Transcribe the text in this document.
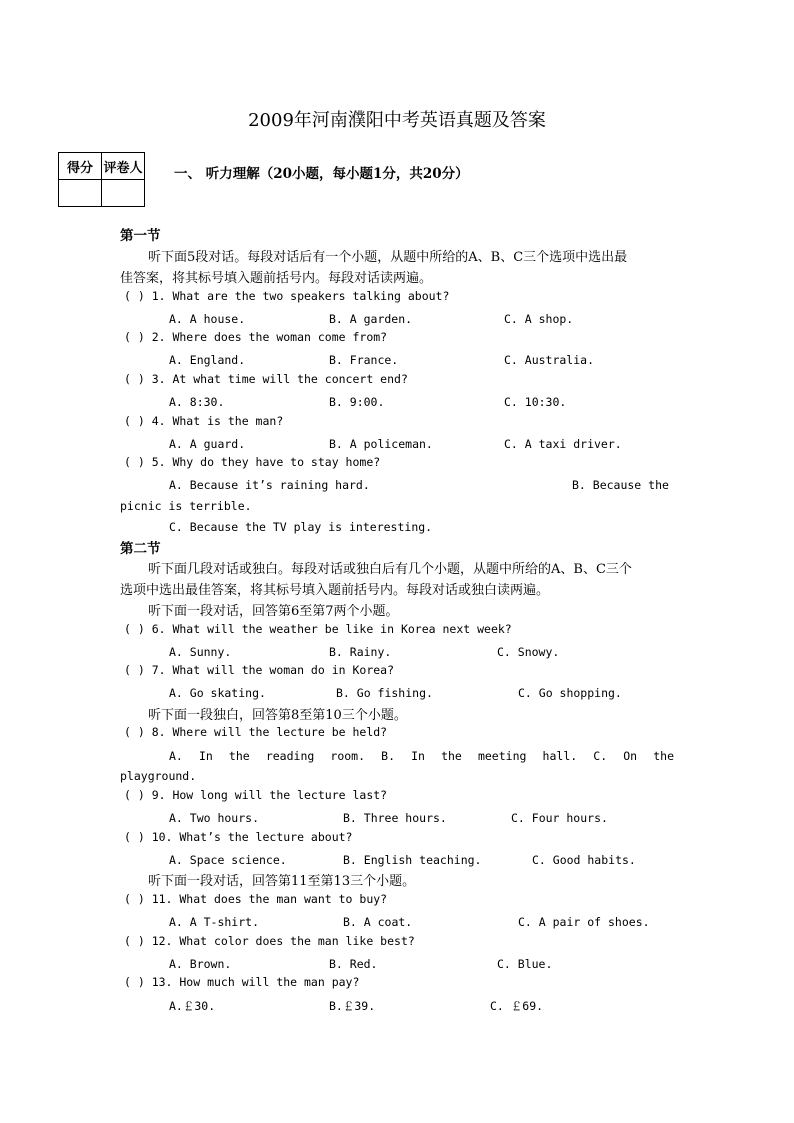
2009年河南濮阳中考英语真题及答案
得分	评卷人
	一、 听力理解（20小题，每小题1分，共20分）
第一节
听下面5段对话。每段对话后有一个小题，从题中所给的A、B、C三个选项中选出最
佳答案，将其标号填入题前括号内。每段对话读两遍。
( ) 1. What are the two speakers talking about?
A. A house.	B. A garden.	C. A shop.
( ) 2. Where does the woman come from?
A. England.	B. France.	C. Australia.
( ) 3. At what time will the concert end?
A. 8:30.	B. 9:00.	C. 10:30.
( ) 4. What is the man?
A. A guard.	B. A policeman.	C. A taxi driver.
( ) 5. Why do they have to stay home?
A. Because it’s raining hard.	B. Because the
picnic is terrible.
C. Because the TV play is interesting.
第二节
听下面几段对话或独白。每段对话或独白后有几个小题，从题中所给的A、B、C三个
选项中选出最佳答案，将其标号填入题前括号内。每段对话或独白读两遍。
听下面一段对话，回答第6至第7两个小题。
( ) 6. What will the weather be like in Korea next week?
A. Sunny.	B. Rainy.	C. Snowy.
( ) 7. What will the woman do in Korea?
A. Go skating.	B. Go fishing.	C. Go shopping.
听下面一段独白，回答第8至第10三个小题。
( ) 8. Where will the lecture be held?
A. In the reading room. B. In the meeting hall. C. On the
playground.
( ) 9. How long will the lecture last?
A. Two hours.	B. Three hours.	C. Four hours.
( ) 10. What’s the lecture about?
A. Space science.	B. English teaching.	C. Good habits.
听下面一段对话，回答第11至第13三个小题。
( ) 11. What does the man want to buy?
A. A T-shirt.	B. A coat.	C. A pair of shoes.
( ) 12. What color does the man like best?
A. Brown.	B. Red.	C. Blue.
( ) 13. How much will the man pay?
A.￡30.	B.￡39.	C. ￡69.
